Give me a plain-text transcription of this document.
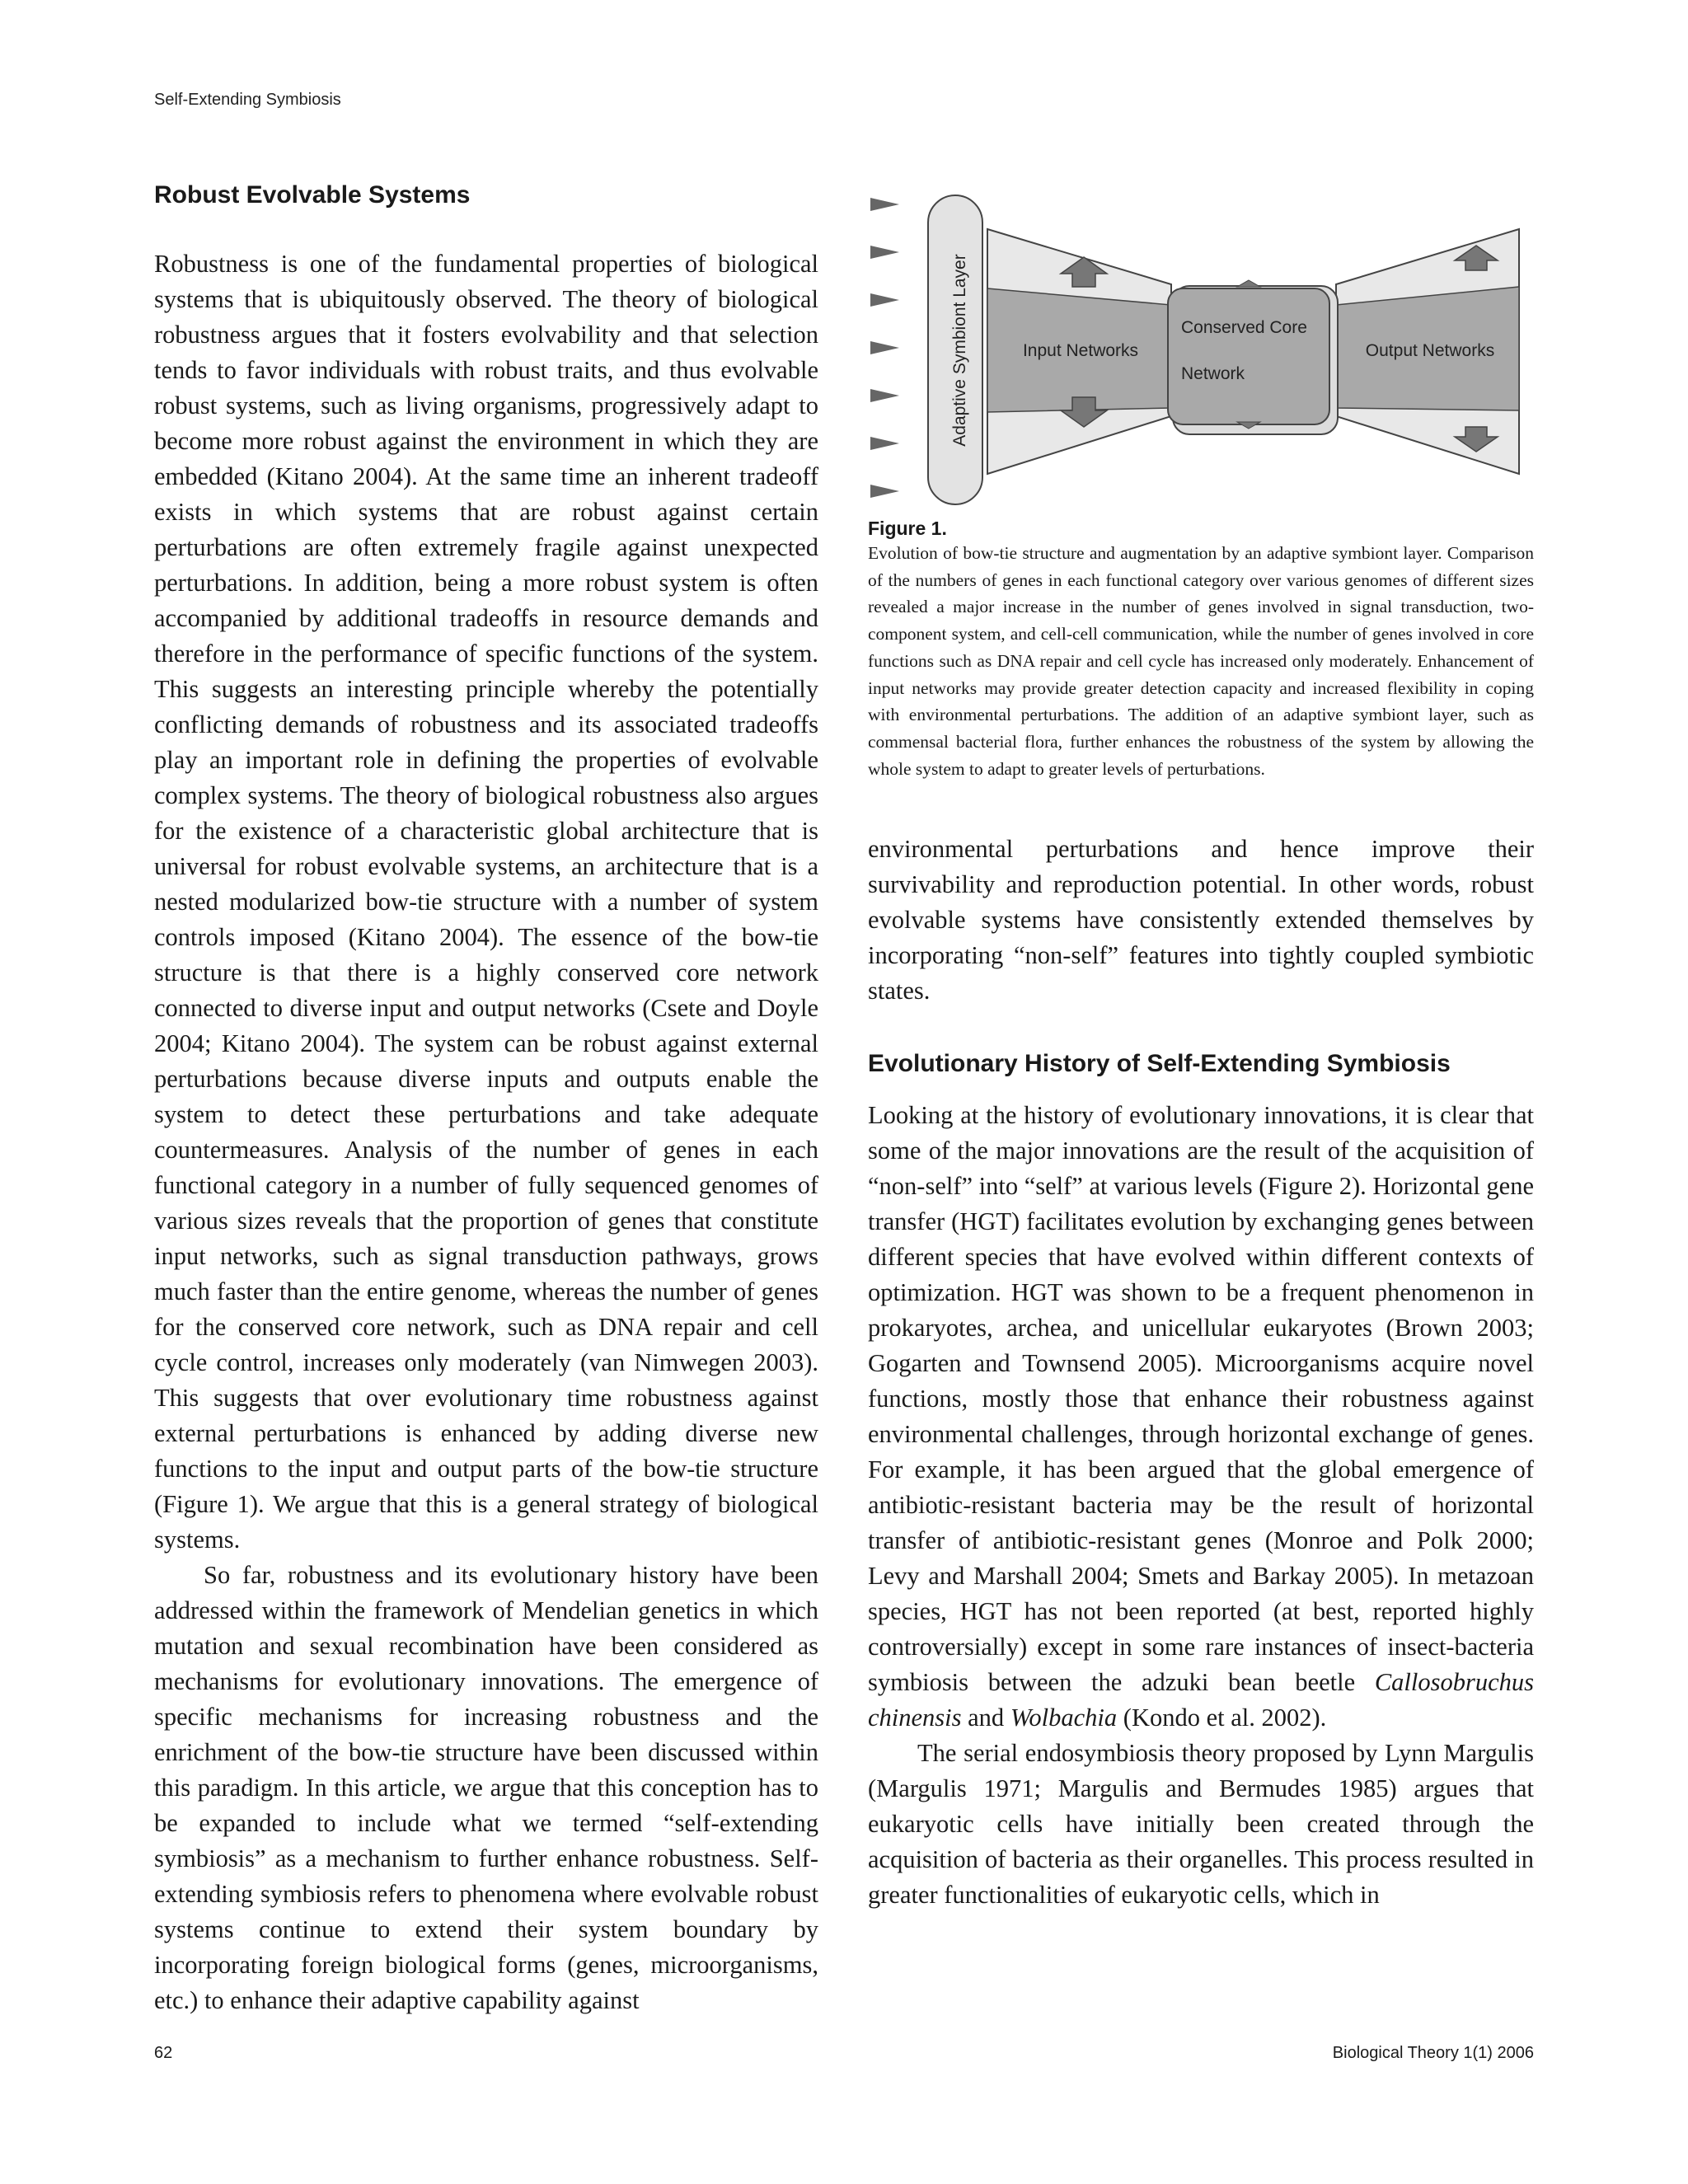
Self-Extending Symbiosis
Robust Evolvable Systems

Robustness is one of the fundamental properties of biological systems that is ubiquitously observed. The theory of biological robustness argues that it fosters evolvability and that selection tends to favor individuals with robust traits, and thus evolvable robust systems, such as living organisms, progressively adapt to become more robust against the environment in which they are embedded (Kitano 2004). At the same time an inherent tradeoff exists in which systems that are robust against certain perturbations are often extremely fragile against unexpected perturbations. In addition, being a more robust system is often accompanied by additional tradeoffs in resource demands and therefore in the performance of specific functions of the system. This suggests an interesting principle whereby the potentially conflicting demands of robustness and its associated tradeoffs play an important role in defining the properties of evolvable complex systems. The theory of biological robustness also argues for the existence of a characteristic global architecture that is universal for robust evolvable systems, an architecture that is a nested modularized bow-tie structure with a number of system controls imposed (Kitano 2004). The essence of the bow-tie structure is that there is a highly conserved core network connected to diverse input and output networks (Csete and Doyle 2004; Kitano 2004). The system can be robust against external perturbations because diverse inputs and outputs enable the system to detect these perturbations and take adequate countermeasures. Analysis of the number of genes in each functional category in a number of fully sequenced genomes of various sizes reveals that the proportion of genes that constitute input networks, such as signal transduction pathways, grows much faster than the entire genome, whereas the number of genes for the conserved core network, such as DNA repair and cell cycle control, increases only moderately (van Nimwegen 2003). This suggests that over evolutionary time robustness against external perturbations is enhanced by adding diverse new functions to the input and output parts of the bow-tie structure (Figure 1). We argue that this is a general strategy of biological systems.

So far, robustness and its evolutionary history have been addressed within the framework of Mendelian genetics in which mutation and sexual recombination have been considered as mechanisms for evolutionary innovations. The emergence of specific mechanisms for increasing robustness and the enrichment of the bow-tie structure have been discussed within this paradigm. In this article, we argue that this conception has to be expanded to include what we termed “self-extending symbiosis” as a mechanism to further enhance robustness. Self-extending symbiosis refers to phenomena where evolvable robust systems continue to extend their system boundary by incorporating foreign biological forms (genes, microorganisms, etc.) to enhance their adaptive capability against

Adaptive Symbiont Layer	Input Networks	Output Networks
Conserved Core
Network
Figure 1.

Evolution of bow-tie structure and augmentation by an adaptive symbiont layer. Comparison of the numbers of genes in each functional category over various genomes of different sizes revealed a major increase in the number of genes involved in signal transduction, two-component system, and cell-cell communication, while the number of genes involved in core functions such as DNA repair and cell cycle has increased only moderately. Enhancement of input networks may provide greater detection capacity and increased flexibility in coping with environmental perturbations. The addition of an adaptive symbiont layer, such as commensal bacterial flora, further enhances the robustness of the system by allowing the whole system to adapt to greater levels of perturbations.

environmental perturbations and hence improve their survivability and reproduction potential. In other words, robust evolvable systems have consistently extended themselves by incorporating “non-self” features into tightly coupled symbiotic states.

Evolutionary History of Self-Extending Symbiosis

Looking at the history of evolutionary innovations, it is clear that some of the major innovations are the result of the acquisition of “non-self” into “self” at various levels (Figure 2). Horizontal gene transfer (HGT) facilitates evolution by exchanging genes between different species that have evolved within different contexts of optimization. HGT was shown to be a frequent phenomenon in prokaryotes, archea, and unicellular eukaryotes (Brown 2003; Gogarten and Townsend 2005). Microorganisms acquire novel functions, mostly those that enhance their robustness against environmental challenges, through horizontal exchange of genes. For example, it has been argued that the global emergence of antibiotic-resistant bacteria may be the result of horizontal transfer of antibiotic-resistant genes (Monroe and Polk 2000; Levy and Marshall 2004; Smets and Barkay 2005). In metazoan species, HGT has not been reported (at best, reported highly controversially) except in some rare instances of insect-bacteria symbiosis between the adzuki bean beetle Callosobruchus chinensis and Wolbachia (Kondo et al. 2002).

The serial endosymbiosis theory proposed by Lynn Margulis (Margulis 1971; Margulis and Bermudes 1985) argues that eukaryotic cells have initially been created through the acquisition of bacteria as their organelles. This process resulted in greater functionalities of eukaryotic cells, which in

62	Biological Theory 1(1) 2006
